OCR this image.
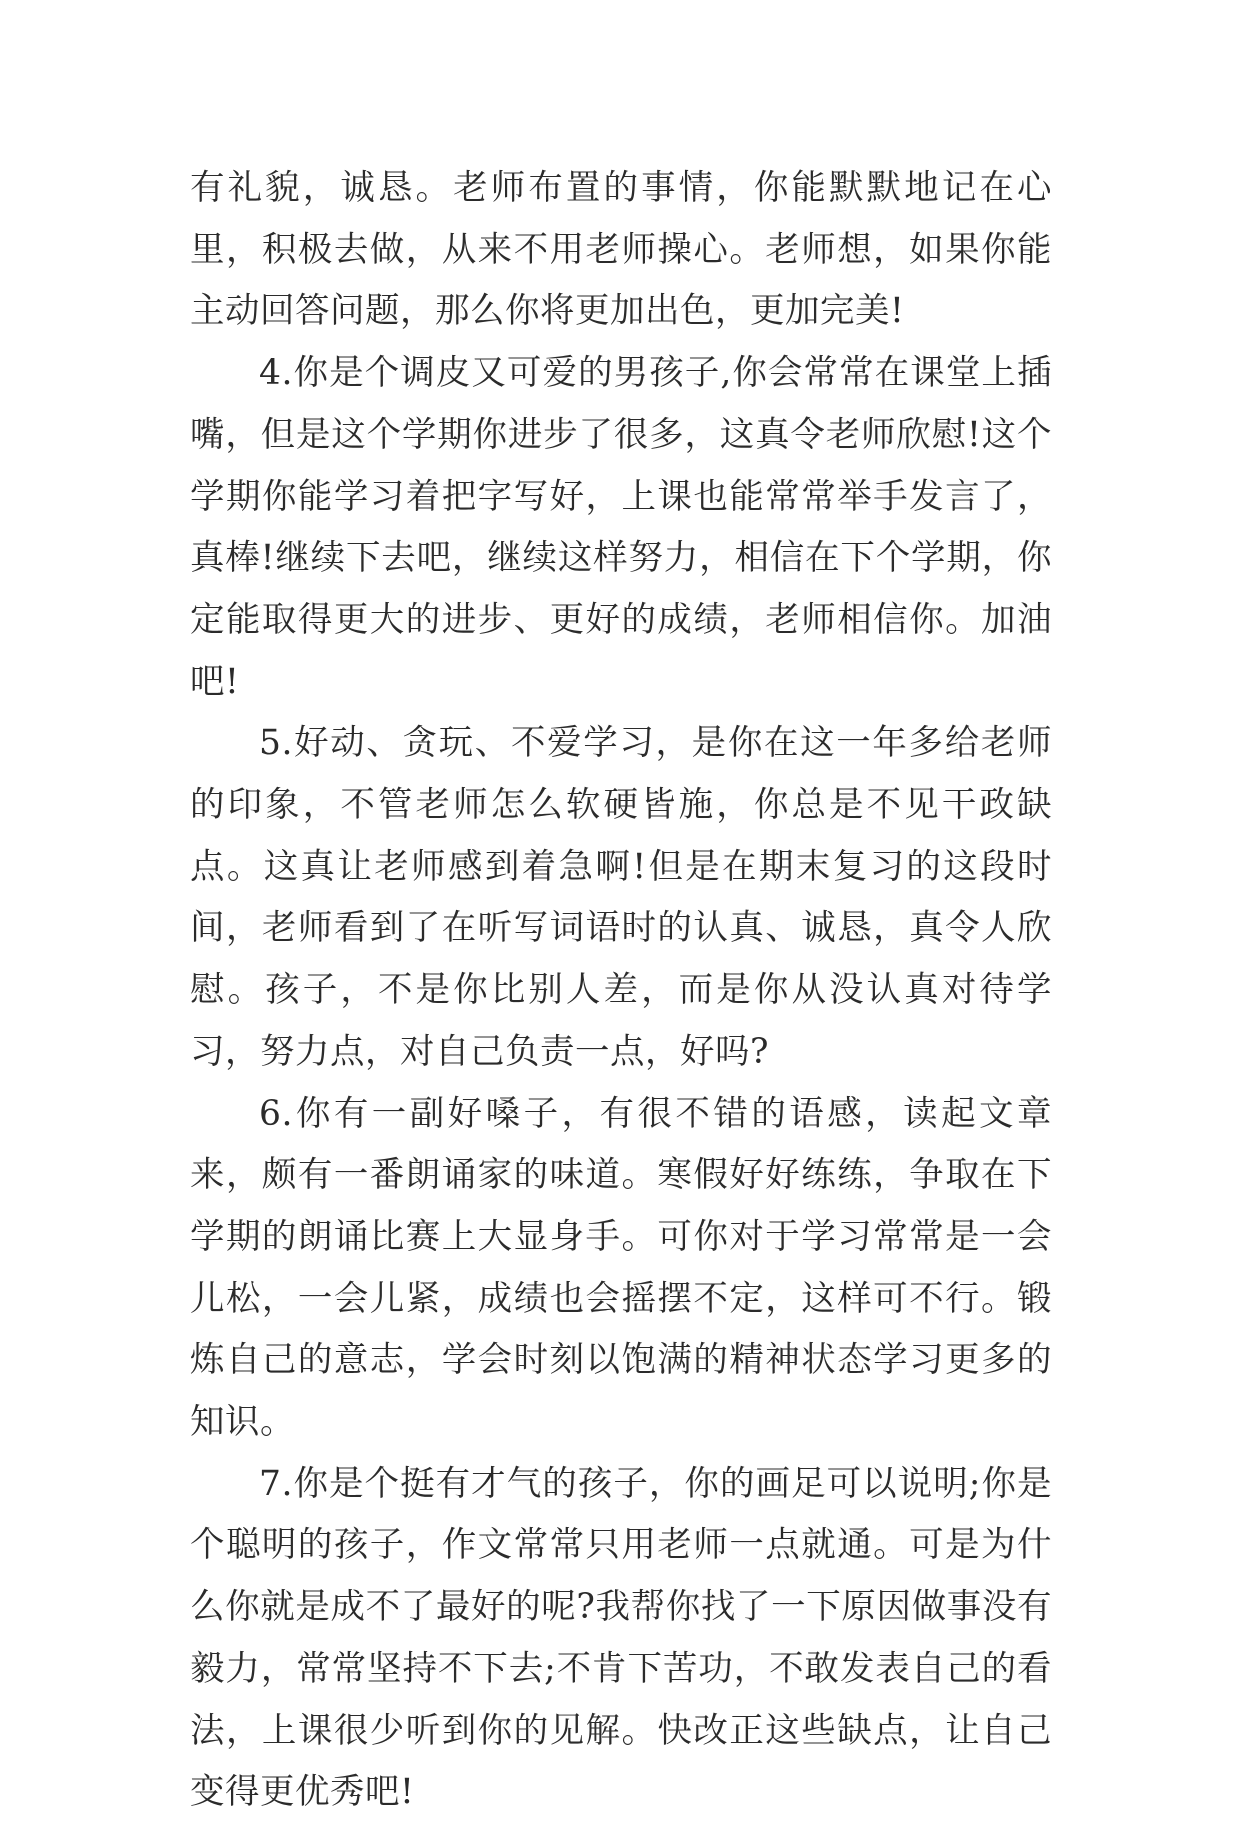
有礼貌，诚恳。老师布置的事情，你能默默地记在心里，积极去做，从来不用老师操心。老师想，如果你能主动回答问题，那么你将更加出色，更加完美!

4.你是个调皮又可爱的男孩子,你会常常在课堂上插嘴，但是这个学期你进步了很多，这真令老师欣慰!这个学期你能学习着把字写好，上课也能常常举手发言了，真棒!继续下去吧，继续这样努力，相信在下个学期，你定能取得更大的进步、更好的成绩，老师相信你。加油吧!

5.好动、贪玩、不爱学习，是你在这一年多给老师的印象，不管老师怎么软硬皆施，你总是不见干政缺点。这真让老师感到着急啊!但是在期末复习的这段时间，老师看到了在听写词语时的认真、诚恳，真令人欣慰。孩子，不是你比别人差，而是你从没认真对待学习，努力点，对自己负责一点，好吗?

6.你有一副好嗓子，有很不错的语感，读起文章来，颇有一番朗诵家的味道。寒假好好练练，争取在下学期的朗诵比赛上大显身手。可你对于学习常常是一会儿松，一会儿紧，成绩也会摇摆不定，这样可不行。锻炼自己的意志，学会时刻以饱满的精神状态学习更多的知识。

7.你是个挺有才气的孩子，你的画足可以说明;你是个聪明的孩子，作文常常只用老师一点就通。可是为什么你就是成不了最好的呢?我帮你找了一下原因做事没有毅力，常常坚持不下去;不肯下苦功，不敢发表自己的看法，上课很少听到你的见解。快改正这些缺点，让自己变得更优秀吧!
